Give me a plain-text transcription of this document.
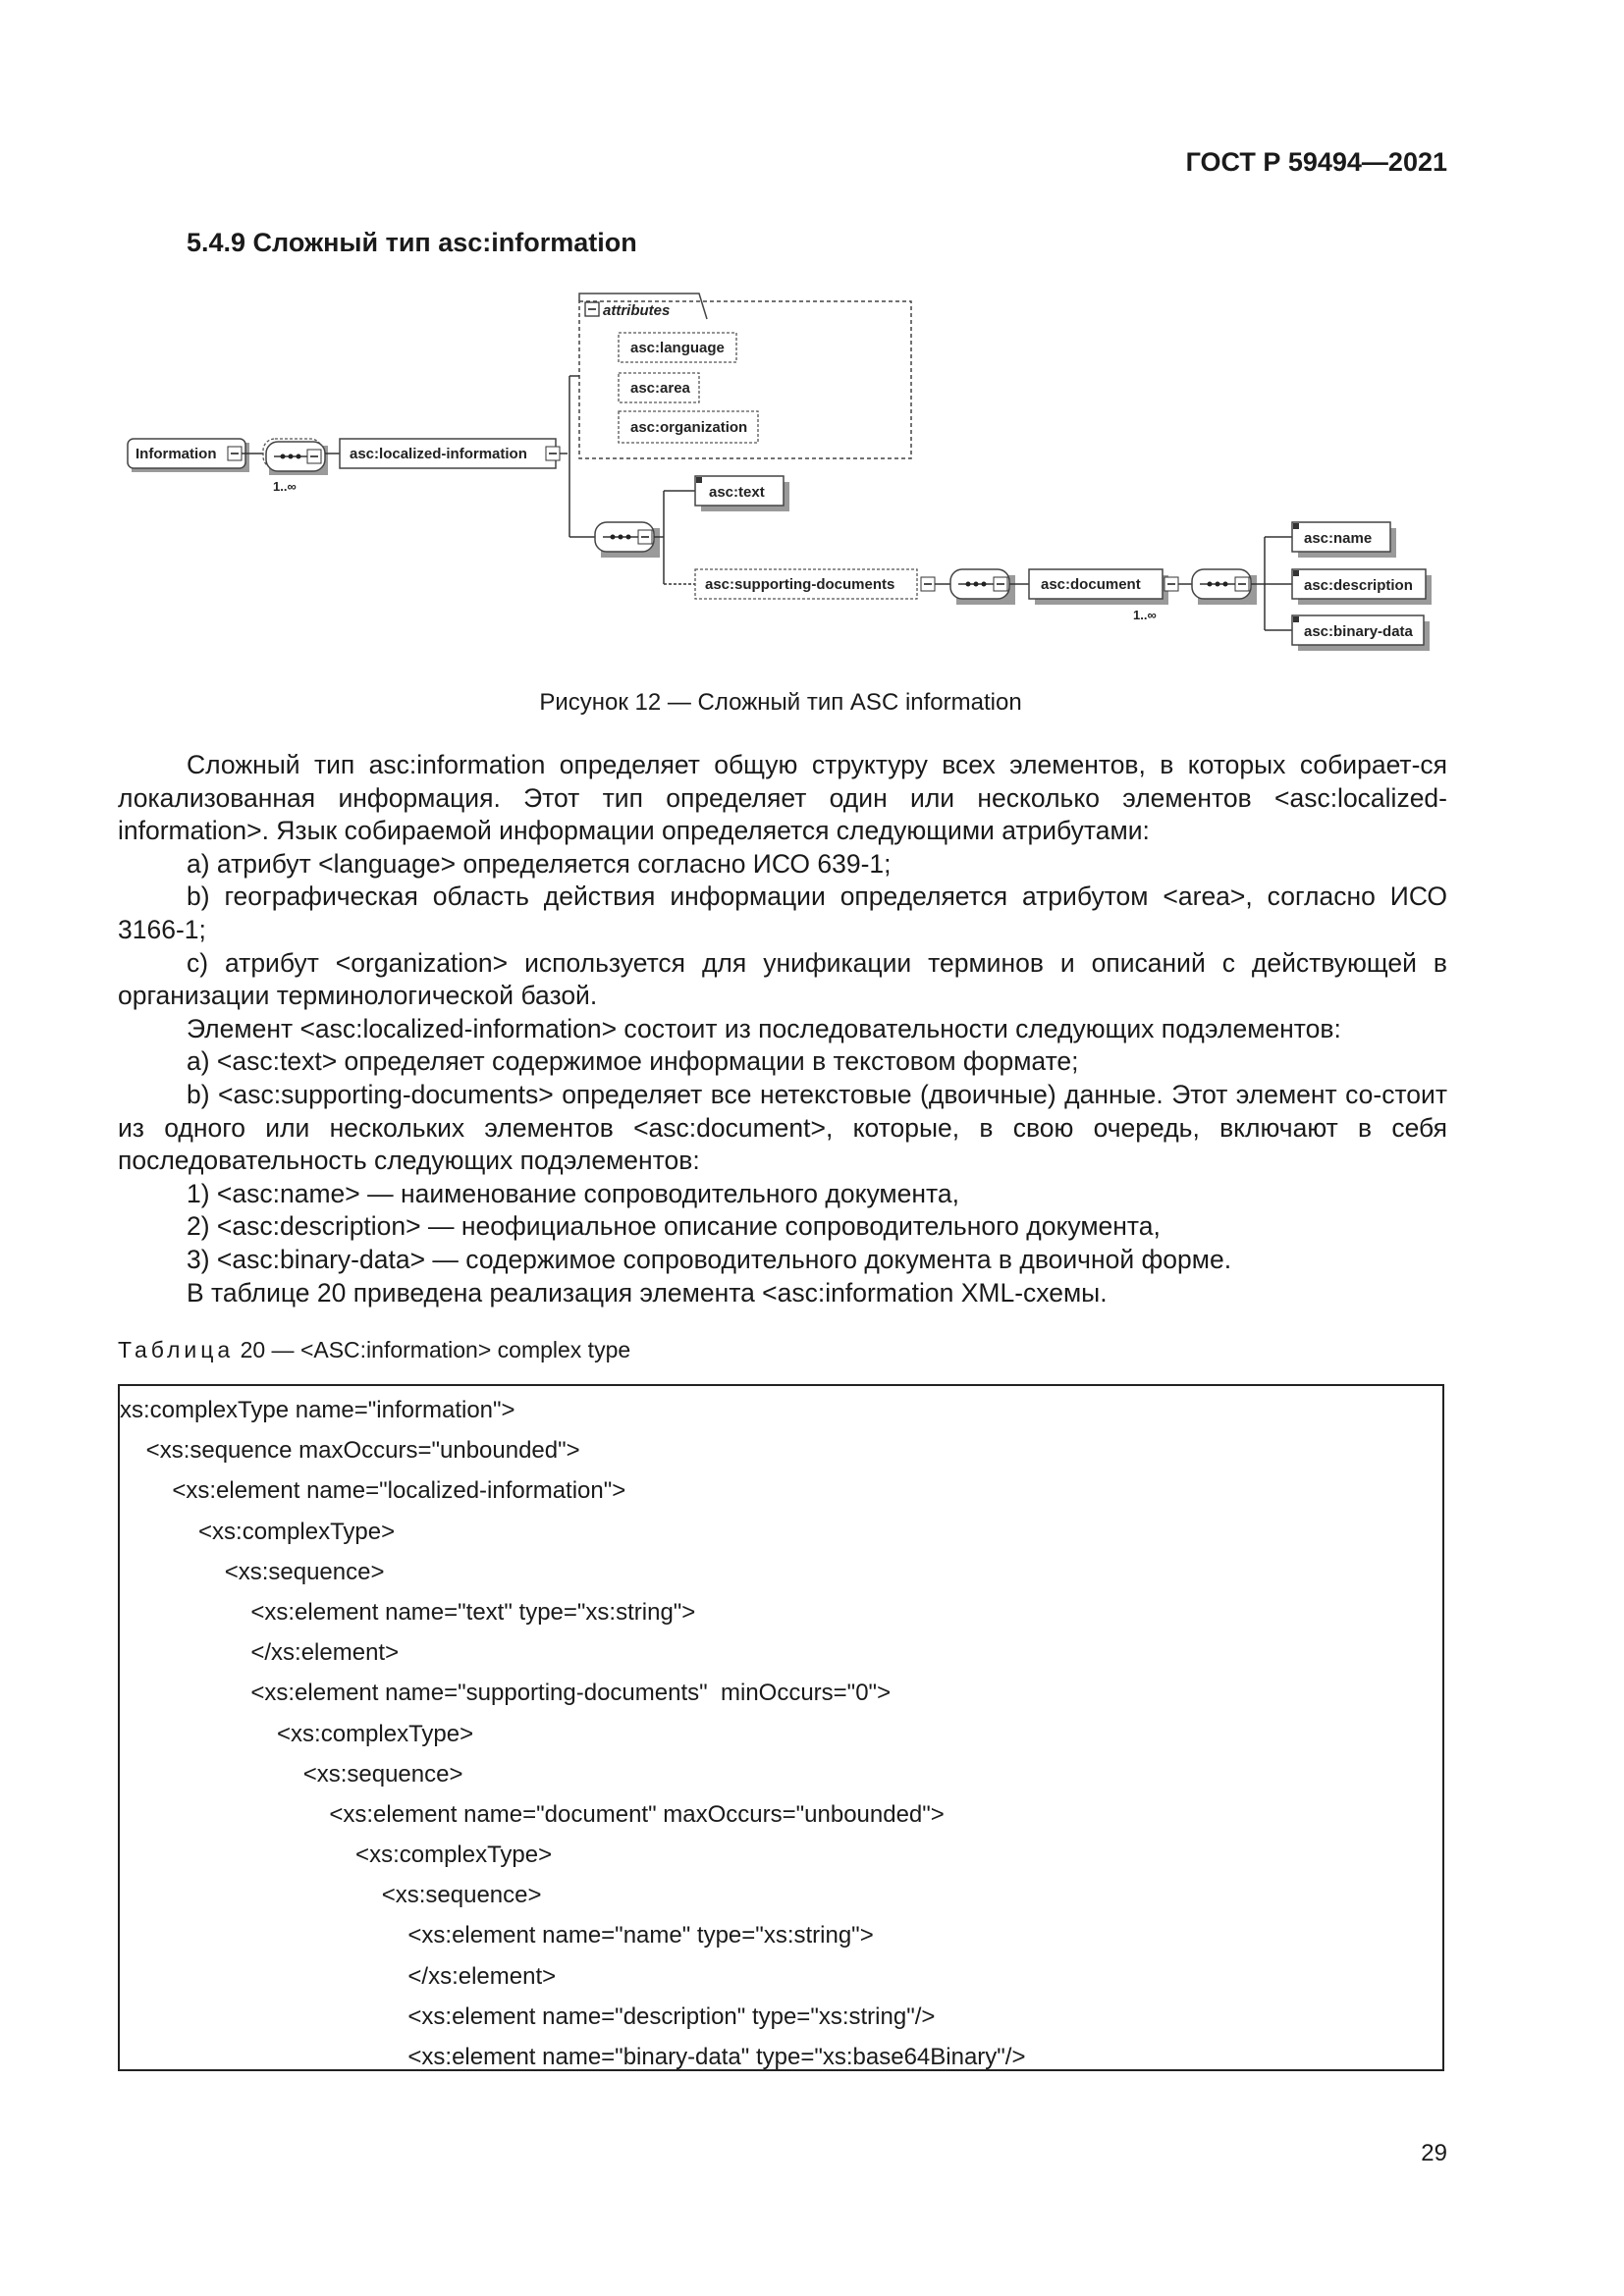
ГОСТ Р 59494—2021
5.4.9 Сложный тип asc:information
attributes
asc:language
asc:area
asc:organization
Information
1..∞
asc:localized-information
asc:text
asc:supporting-documents	asc:document
1..∞
asc:name
asc:description
asc:binary-data
Рисунок 12 — Сложный тип ASC information

Сложный тип asc:information определяет общую структуру всех элементов, в которых собирает-ся локализованная информация. Этот тип определяет один или несколько элементов <asc:localized-information>. Язык собираемой информации определяется следующими атрибутами:

а) атрибут <language> определяется согласно ИСО 639-1;

b) географическая область действия информации определяется атрибутом <area>, согласно ИСО 3166-1;

c) атрибут <organization> используется для унификации терминов и описаний с действующей в организации терминологической базой.

Элемент <asc:localized-information> состоит из последовательности следующих подэлементов:

a) <asc:text> определяет содержимое информации в текстовом формате;

b) <asc:supporting-documents> определяет все нетекстовые (двоичные) данные. Этот элемент со-стоит из одного или нескольких элементов <asc:document>, которые, в свою очередь, включают в себя последовательность следующих подэлементов:

1) <asc:name> — наименование сопроводительного документа,

2) <asc:description> — неофициальное описание сопроводительного документа,

3) <asc:binary-data> — содержимое сопроводительного документа в двоичной форме.

В таблице 20 приведена реализация элемента <asc:information XML-схемы.

Таблица 20 — <ASC:information> complex type
xs:complexType name="information">
<xs:sequence maxOccurs="unbounded">
<xs:element name="localized-information">
<xs:complexType>
<xs:sequence>
<xs:element name="text" type="xs:string">
</xs:element>
<xs:element name="supporting-documents"  minOccurs="0">
<xs:complexType>
<xs:sequence>
<xs:element name="document" maxOccurs="unbounded">
<xs:complexType>
<xs:sequence>
<xs:element name="name" type="xs:string">
</xs:element>
<xs:element name="description" type="xs:string"/>
<xs:element name="binary-data" type="xs:base64Binary"/>
29
